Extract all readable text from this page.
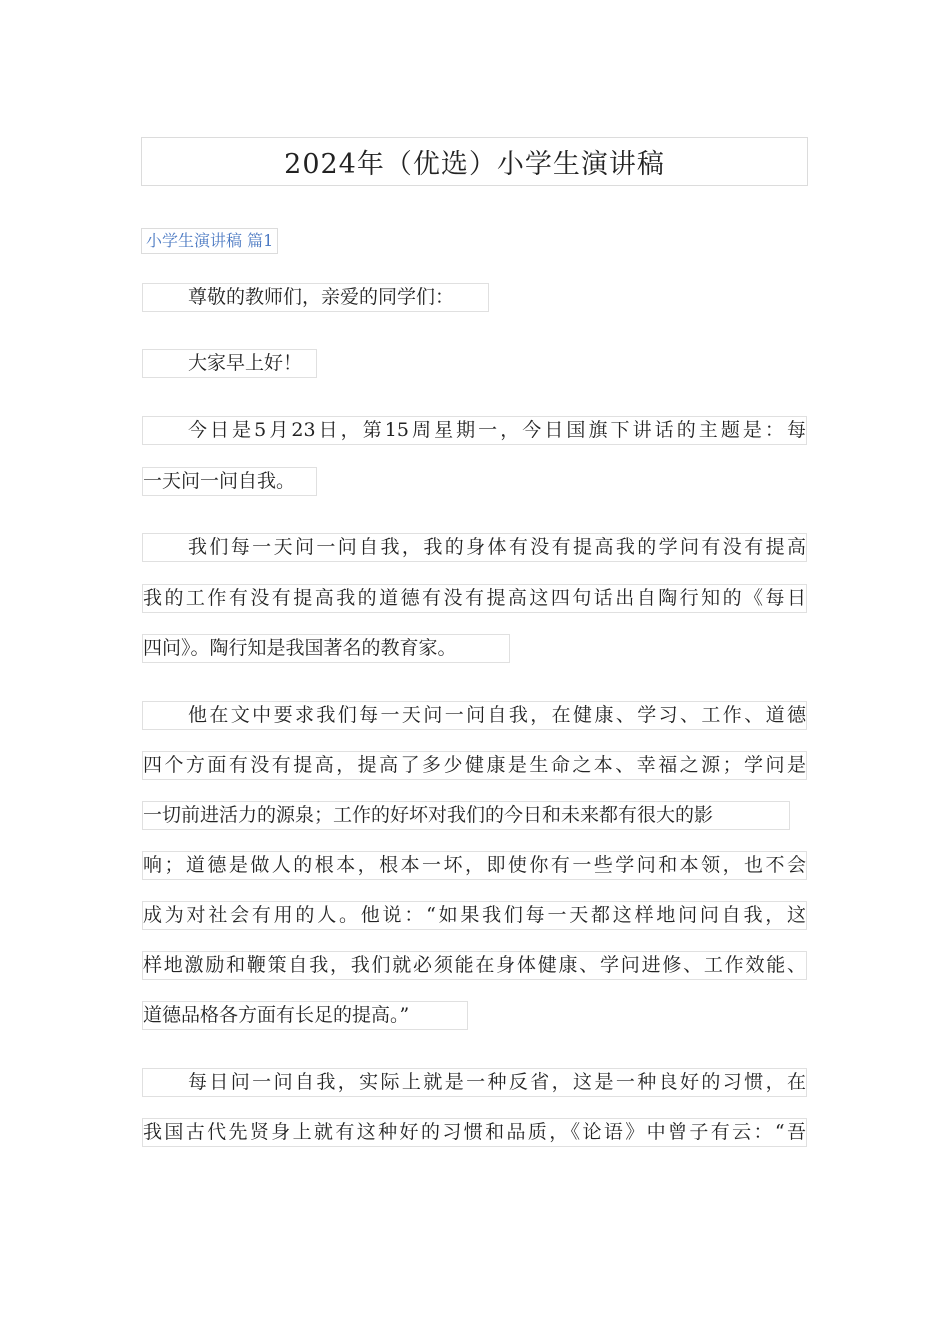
2024年（优选）小学生演讲稿
小学生演讲稿 篇1
尊敬的教师们，亲爱的同学们：
大家早上好！
今日是5月23日，第15周星期一，今日国旗下讲话的主题是：每
一天问一问自我。
我们每一天问一问自我，我的身体有没有提高我的学问有没有提高
我的工作有没有提高我的道德有没有提高这四句话出自陶行知的《每日
四问》。陶行知是我国著名的教育家。
他在文中要求我们每一天问一问自我，在健康、学习、工作、道德
四个方面有没有提高，提高了多少健康是生命之本、幸福之源；学问是
一切前进活力的源泉；工作的好坏对我们的今日和未来都有很大的影
响；道德是做人的根本，根本一坏，即使你有一些学问和本领，也不会
成为对社会有用的人。他说：“如果我们每一天都这样地问问自我，这
样地激励和鞭策自我，我们就必须能在身体健康、学问进修、工作效能、
道德品格各方面有长足的提高。”
每日问一问自我，实际上就是一种反省，这是一种良好的习惯，在
我国古代先贤身上就有这种好的习惯和品质，《论语》中曾子有云：“吾
